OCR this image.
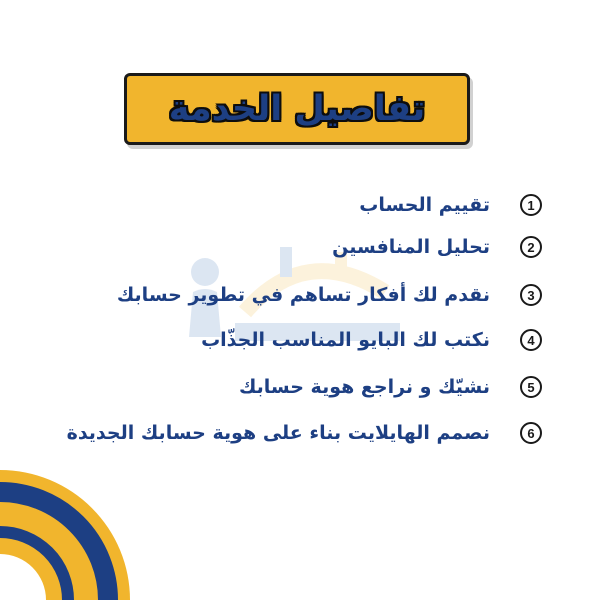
تفاصيل الخدمة
1
تقييم الحساب
2
تحليل المنافسين
3
نقدم لك أفكار تساهم في تطوير حسابك
4
نكتب لك البايو المناسب الجذّاب
5
نشيّك و نراجع هوية حسابك
6
نصمم الهايلايت بناء على هوية حسابك الجديدة
